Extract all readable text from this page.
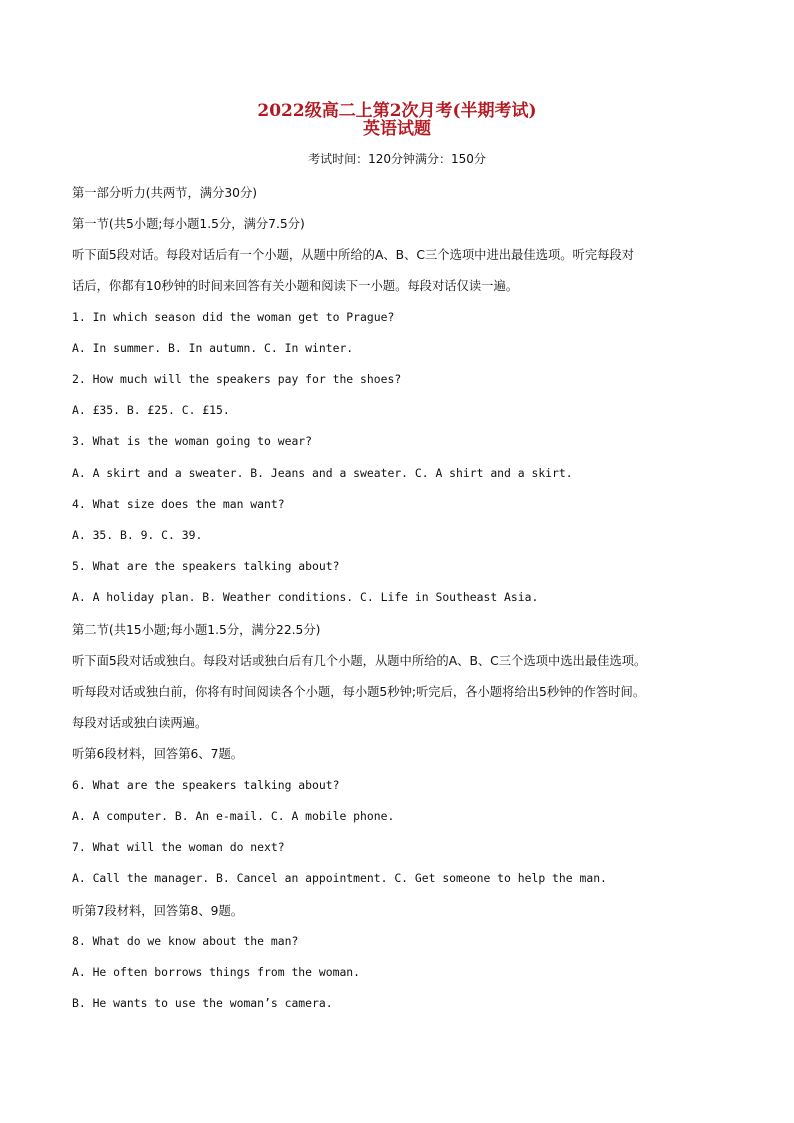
2022级高二上第2次月考(半期考试)
英语试题
考试时间：120分钟满分：150分
第一部分听力(共两节，满分30分)
第一节(共5小题;每小题1.5分，满分7.5分)
听下面5段对话。每段对话后有一个小题，从题中所给的A、B、C三个选项中进出最佳选项。听完每段对
话后，你都有10秒钟的时间来回答有关小题和阅读下一小题。每段对话仅读一遍。
1. In which season did the woman get to Prague?
A. In summer. B. In autumn. C. In winter.
2. How much will the speakers pay for the shoes?
A. £35. B. £25. C. £15.
3. What is the woman going to wear?
A. A skirt and a sweater. B. Jeans and a sweater. C. A shirt and a skirt.
4. What size does the man want?
A. 35. B. 9. C. 39.
5. What are the speakers talking about?
A. A holiday plan. B. Weather conditions. C. Life in Southeast Asia.
第二节(共15小题;每小题1.5分，满分22.5分)
听下面5段对话或独白。每段对话或独白后有几个小题，从题中所给的A、B、C三个选项中选出最佳选项。
听每段对话或独白前，你将有时间阅读各个小题，每小题5秒钟;听完后，各小题将给出5秒钟的作答时间。
每段对话或独白读两遍。
听第6段材料，回答第6、7题。
6. What are the speakers talking about?
A. A computer. B. An e-mail. C. A mobile phone.
7. What will the woman do next?
A. Call the manager. B. Cancel an appointment. C. Get someone to help the man.
听第7段材料，回答第8、9题。
8. What do we know about the man?
A. He often borrows things from the woman.
B. He wants to use the woman’s camera.
